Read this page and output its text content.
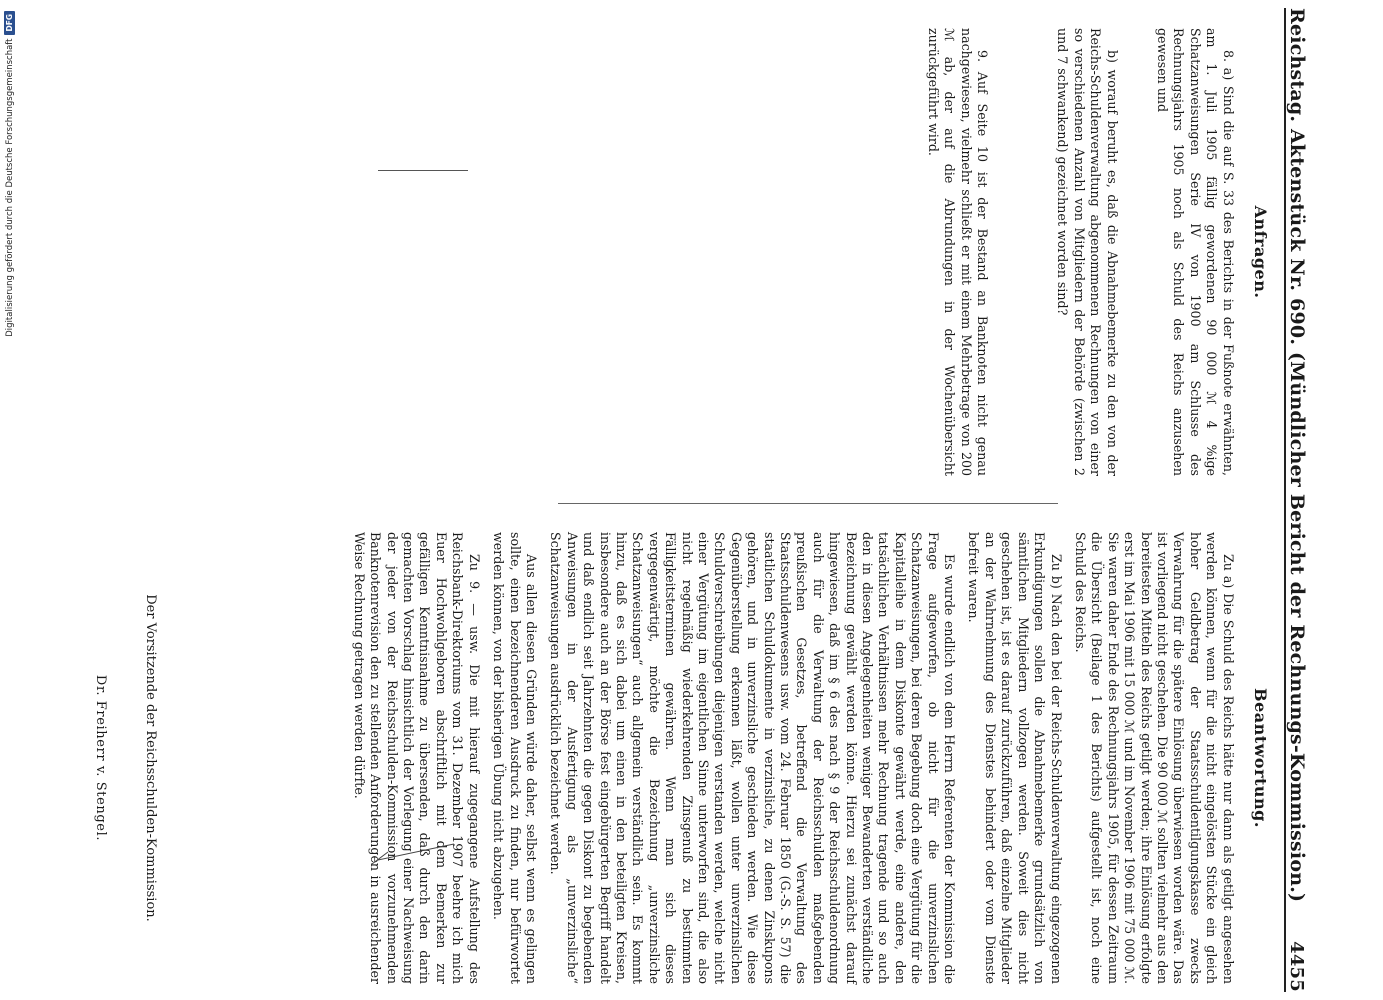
Reichstag. Aktenstück Nr. 690. (Mündlicher Bericht der Rechnungs-Kommission.)
4455
Anfragen.

8. a) Sind die auf S. 33 des Berichts in der Fußnote erwähnten, am 1. Juli 1905 fällig gewordenen 90 000 ℳ 4 %ige Schatzanweisungen Serie IV von 1900 am Schlusse des Rechnungsjahrs 1905 noch als Schuld des Reichs anzusehen gewesen und

b) worauf beruht es, daß die Abnahmebemerke zu den von der Reichs-Schuldenverwaltung abgenommenen Rechnungen von einer so verschiedenen Anzahl von Mitgliedern der Behörde (zwischen 2 und 7 schwankend) gezeichnet worden sind?

9. Auf Seite 10 ist der Bestand an Banknoten nicht genau nachgewiesen, vielmehr schließt er mit einem Mehrbetrage von 200 ℳ ab, der auf die Abrundungen in der Wochenübersicht zurückgeführt wird.

Beantwortung.

Zu a) Die Schuld des Reichs hätte nur dann als getilgt angesehen werden können, wenn für die nicht eingelösten Stücke ein gleich hoher Geldbetrag der Staatsschuldentilgungskasse zwecks Verwahrung für die spätere Einlösung überwiesen worden wäre. Das ist vorliegend nicht geschehen. Die 90 000 ℳ sollten vielmehr aus den bereitesten Mitteln des Reichs getilgt werden; ihre Einlösung erfolgte erst im Mai 1906 mit 15 000 ℳ und im November 1906 mit 75 000 ℳ. Sie waren daher Ende des Rechnungsjahrs 1905, für dessen Zeitraum die Übersicht (Beilage 1 des Berichts) aufgestellt ist, noch eine Schuld des Reichs.

Zu b) Nach den bei der Reichs-Schuldenverwaltung eingezogenen Erkundigungen sollen die Abnahmebemerke grundsätzlich von sämtlichen Mitgliedern vollzogen werden. Soweit dies nicht geschehen ist, ist es darauf zurückzuführen, daß einzelne Mitglieder an der Wahrnehmung des Dienstes behindert oder vom Dienste befreit waren.

Es wurde endlich von dem Herrn Referenten der Kommission die Frage aufgeworfen, ob nicht für die unverzinslichen Schatzanweisungen, bei deren Begebung doch eine Vergütung für die Kapitalleihe in dem Diskonte gewährt werde, eine andere, den tatsächlichen Verhältnissen mehr Rechnung tragende und so auch den in diesen Angelegenheiten weniger Bewanderten verständliche Bezeichnung gewählt werden könne. Hierzu sei zunächst darauf hingewiesen, daß im § 6 des nach § 9 der Reichsschuldenordnung auch für die Verwaltung der Reichsschulden maßgebenden preußischen Gesetzes, betreffend die Verwaltung des Staatsschuldenwesens usw. vom 24. Februar 1850 (G.-S. S. 57) die staatlichen Schuldokumente in verzinsliche, zu denen Zinskupons gehören, und in unverzinsliche geschieden werden. Wie diese Gegenüberstellung erkennen läßt, wollen unter unverzinslichen Schuldverschreibungen diejenigen verstanden werden, welche nicht einer Vergütung im eigentlichen Sinne unterworfen sind, die also nicht regelmäßig wiederkehrenden Zinsgenuß zu bestimmten Fälligkeitsterminen gewähren. Wenn man sich dieses vergegenwärtigt, möchte die Bezeichnung „unverzinsliche Schatzanweisungen“ auch allgemein verständlich sein. Es kommt hinzu, daß es sich dabei um einen in den beteiligten Kreisen, insbesondere auch an der Börse fest eingebürgerten Begriff handelt und daß endlich seit Jahrzehnten die gegen Diskont zu begebenden Anweisungen in der Ausfertigung als „unverzinsliche“ Schatzanweisungen ausdrücklich bezeichnet werden.

Aus allen diesen Gründen würde daher, selbst wenn es gelingen sollte, einen bezeichnenderen Ausdruck zu finden, nur befürwortet werden können, von der bisherigen Übung nicht abzugehen.

Zu 9. — usw. Die mit hierauf zugegangene Aufstellung des Reichsbank-Direktoriums vom 31. Dezember 1907 beehre ich mich Euer Hochwohlgeboren abschriftlich mit dem Bemerken zur gefälligen Kenntnisnahme zu übersenden, daß durch den darin gemachten Vorschlag hinsichtlich der Vorlegung einer Nachweisung der jeder von der Reichsschulden-Kommission vorzunehmenden Banknotenrevision den zu stellenden Anforderungen in ausreichender Weise Rechnung getragen werden dürfte.

Der Vorsitzende der Reichsschulden-Kommission.
Dr. Freiherr v. Stengel.
Digitalisierung gefördert durch die Deutsche ForschungsgemeinschaftDFG
